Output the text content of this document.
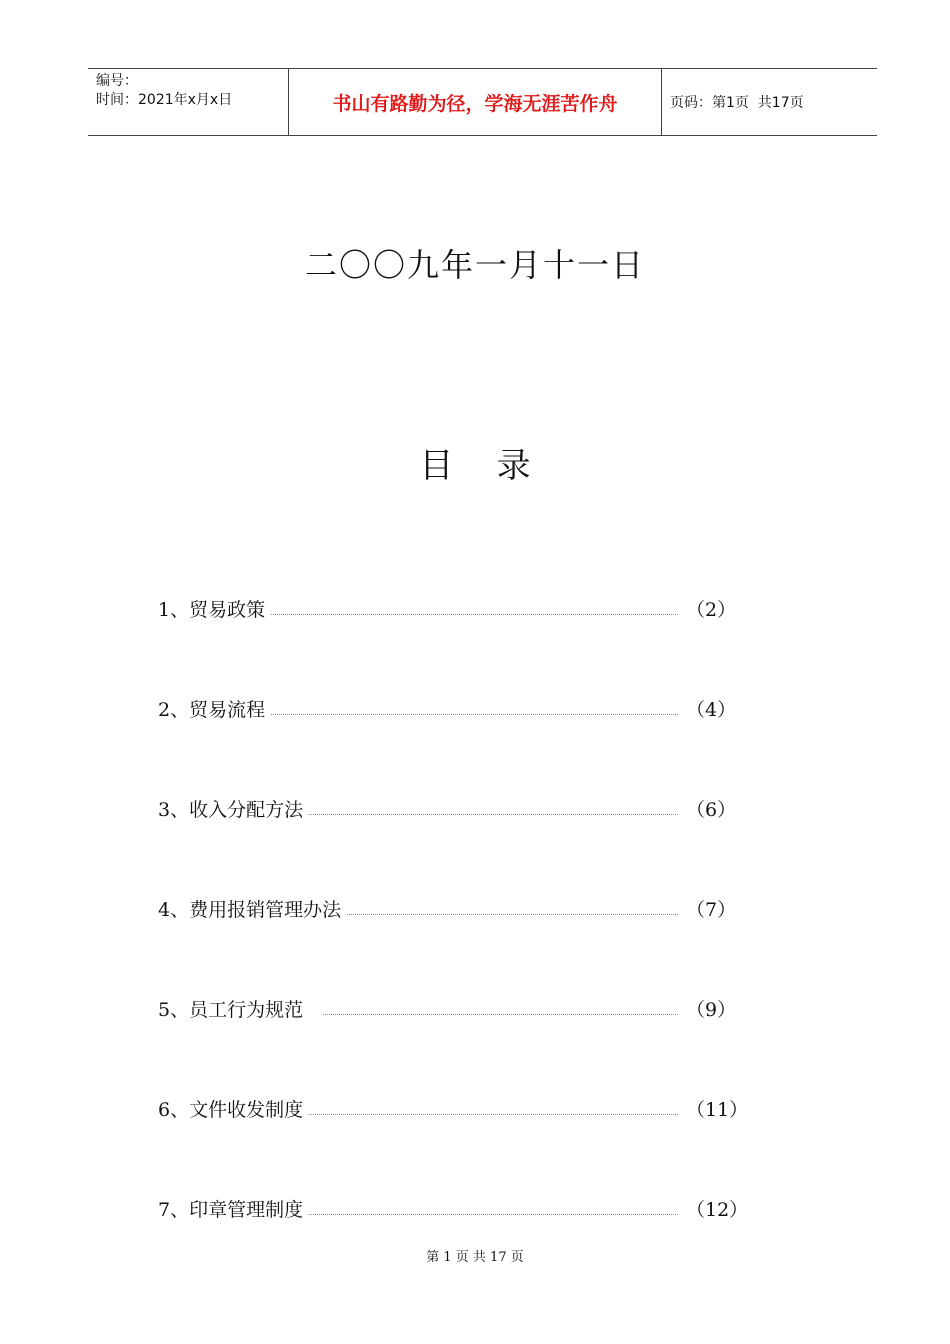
编号：
时间：2021年x月x日	书山有路勤为径，学海无涯苦作舟	页码：第1页  共17页
二〇〇九年一月十一日
目    录
1、 贸易政策	（2）
2、 贸易流程	（4）
3、 收入分配方法	（6）
4、 费用报销管理办法	（7）
5、 员工行为规范	（9）
6、 文件收发制度	（11）
7、 印章管理制度	（12）
第 1 页 共 17 页
